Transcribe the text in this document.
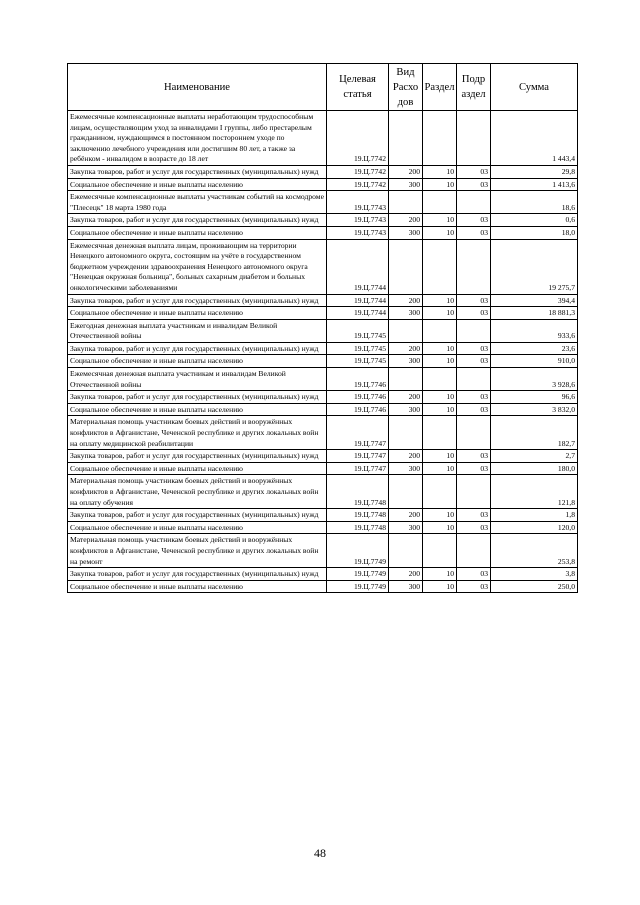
Наименование	Целевая статья	Вид Расхо дов	Раздел	Подр аздел	Сумма
Ежемесячные компенсационные выплаты неработающим трудоспособным лицам, осуществляющим уход за инвалидами I группы, либо престарелым гражданином, нуждающимся в постоянном постороннем уходе по заключению лечебного учреждения или достигшим 80 лет, а также за ребёнком - инвалидом в возрасте до 18 лет	19.Ц.7742				1 443,4
Закупка товаров, работ и услуг для государственных (муниципальных) нужд	19.Ц.7742	200	10	03	29,8
Социальное обеспечение и иные выплаты населению	19.Ц.7742	300	10	03	1 413,6
Ежемесячные компенсационные выплаты участникам событий на космодроме "Плесецк" 18 марта 1980 года	19.Ц.7743				18,6
Закупка товаров, работ и услуг для государственных (муниципальных) нужд	19.Ц.7743	200	10	03	0,6
Социальное обеспечение и иные выплаты населению	19.Ц.7743	300	10	03	18,0
Ежемесячная денежная выплата лицам, проживающим на территории Ненецкого автономного округа, состоящим на учёте в государственном бюджетном учреждении здравоохранения Ненецкого автономного округа "Ненецкая окружная больница", больных сахарным диабетом и больных онкологическими заболеваниями	19.Ц.7744				19 275,7
Закупка товаров, работ и услуг для государственных (муниципальных) нужд	19.Ц.7744	200	10	03	394,4
Социальное обеспечение и иные выплаты населению	19.Ц.7744	300	10	03	18 881,3
Ежегодная денежная выплата участникам и инвалидам Великой Отечественной войны	19.Ц.7745				933,6
Закупка товаров, работ и услуг для государственных (муниципальных) нужд	19.Ц.7745	200	10	03	23,6
Социальное обеспечение и иные выплаты населению	19.Ц.7745	300	10	03	910,0
Ежемесячная денежная выплата участникам и инвалидам Великой Отечественной войны	19.Ц.7746				3 928,6
Закупка товаров, работ и услуг для государственных (муниципальных) нужд	19.Ц.7746	200	10	03	96,6
Социальное обеспечение и иные выплаты населению	19.Ц.7746	300	10	03	3 832,0
Материальная помощь участникам боевых действий и вооружённых конфликтов в Афганистане, Чеченской республике и других локальных войн на оплату медицинской реабилитации	19.Ц.7747				182,7
Закупка товаров, работ и услуг для государственных (муниципальных) нужд	19.Ц.7747	200	10	03	2,7
Социальное обеспечение и иные выплаты населению	19.Ц.7747	300	10	03	180,0
Материальная помощь участникам боевых действий и вооружённых конфликтов в Афганистане, Чеченской республике и других локальных войн на оплату обучения	19.Ц.7748				121,8
Закупка товаров, работ и услуг для государственных (муниципальных) нужд	19.Ц.7748	200	10	03	1,8
Социальное обеспечение и иные выплаты населению	19.Ц.7748	300	10	03	120,0
Материальная помощь участникам боевых действий и вооружённых конфликтов в Афганистане, Чеченской республике и других локальных войн на ремонт	19.Ц.7749				253,8
Закупка товаров, работ и услуг для государственных (муниципальных) нужд	19.Ц.7749	200	10	03	3,8
Социальное обеспечение и иные выплаты населению	19.Ц.7749	300	10	03	250,0
48
